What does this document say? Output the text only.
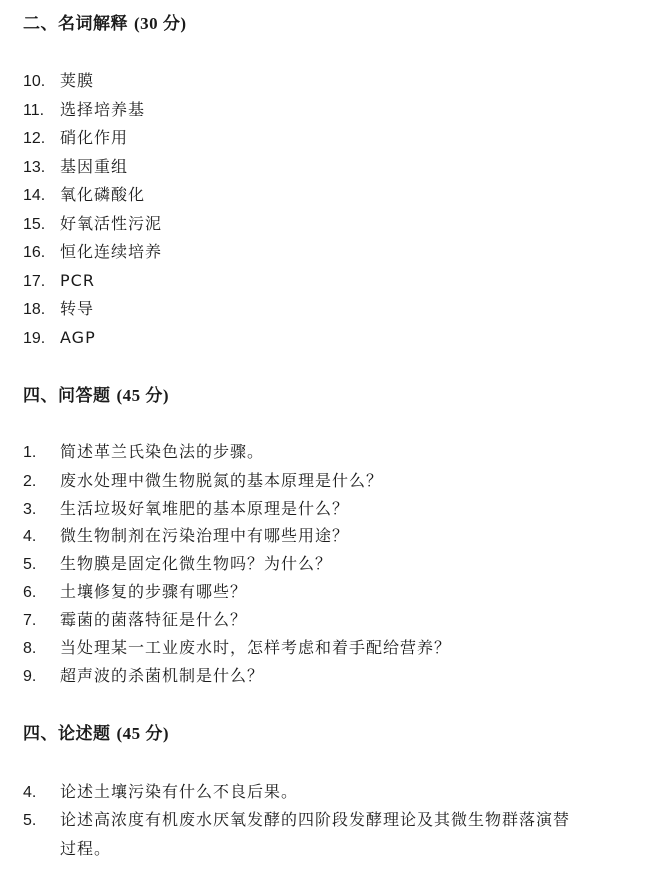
二、名词解释 (30 分)
10. 荚膜
11. 选择培养基
12. 硝化作用
13. 基因重组
14. 氧化磷酸化
15. 好氧活性污泥
16. 恒化连续培养
17. PCR
18. 转导
19. AGP
四、问答题 (45 分)
1. 简述革兰氏染色法的步骤。
2. 废水处理中微生物脱氮的基本原理是什么？
3. 生活垃圾好氧堆肥的基本原理是什么？
4. 微生物制剂在污染治理中有哪些用途？
5. 生物膜是固定化微生物吗？为什么？
6. 土壤修复的步骤有哪些？
7. 霉菌的菌落特征是什么？
8. 当处理某一工业废水时，怎样考虑和着手配给营养？
9. 超声波的杀菌机制是什么？
四、论述题 (45 分)
4. 论述土壤污染有什么不良后果。
5. 论述高浓度有机废水厌氧发酵的四阶段发酵理论及其微生物群落演替
过程。
